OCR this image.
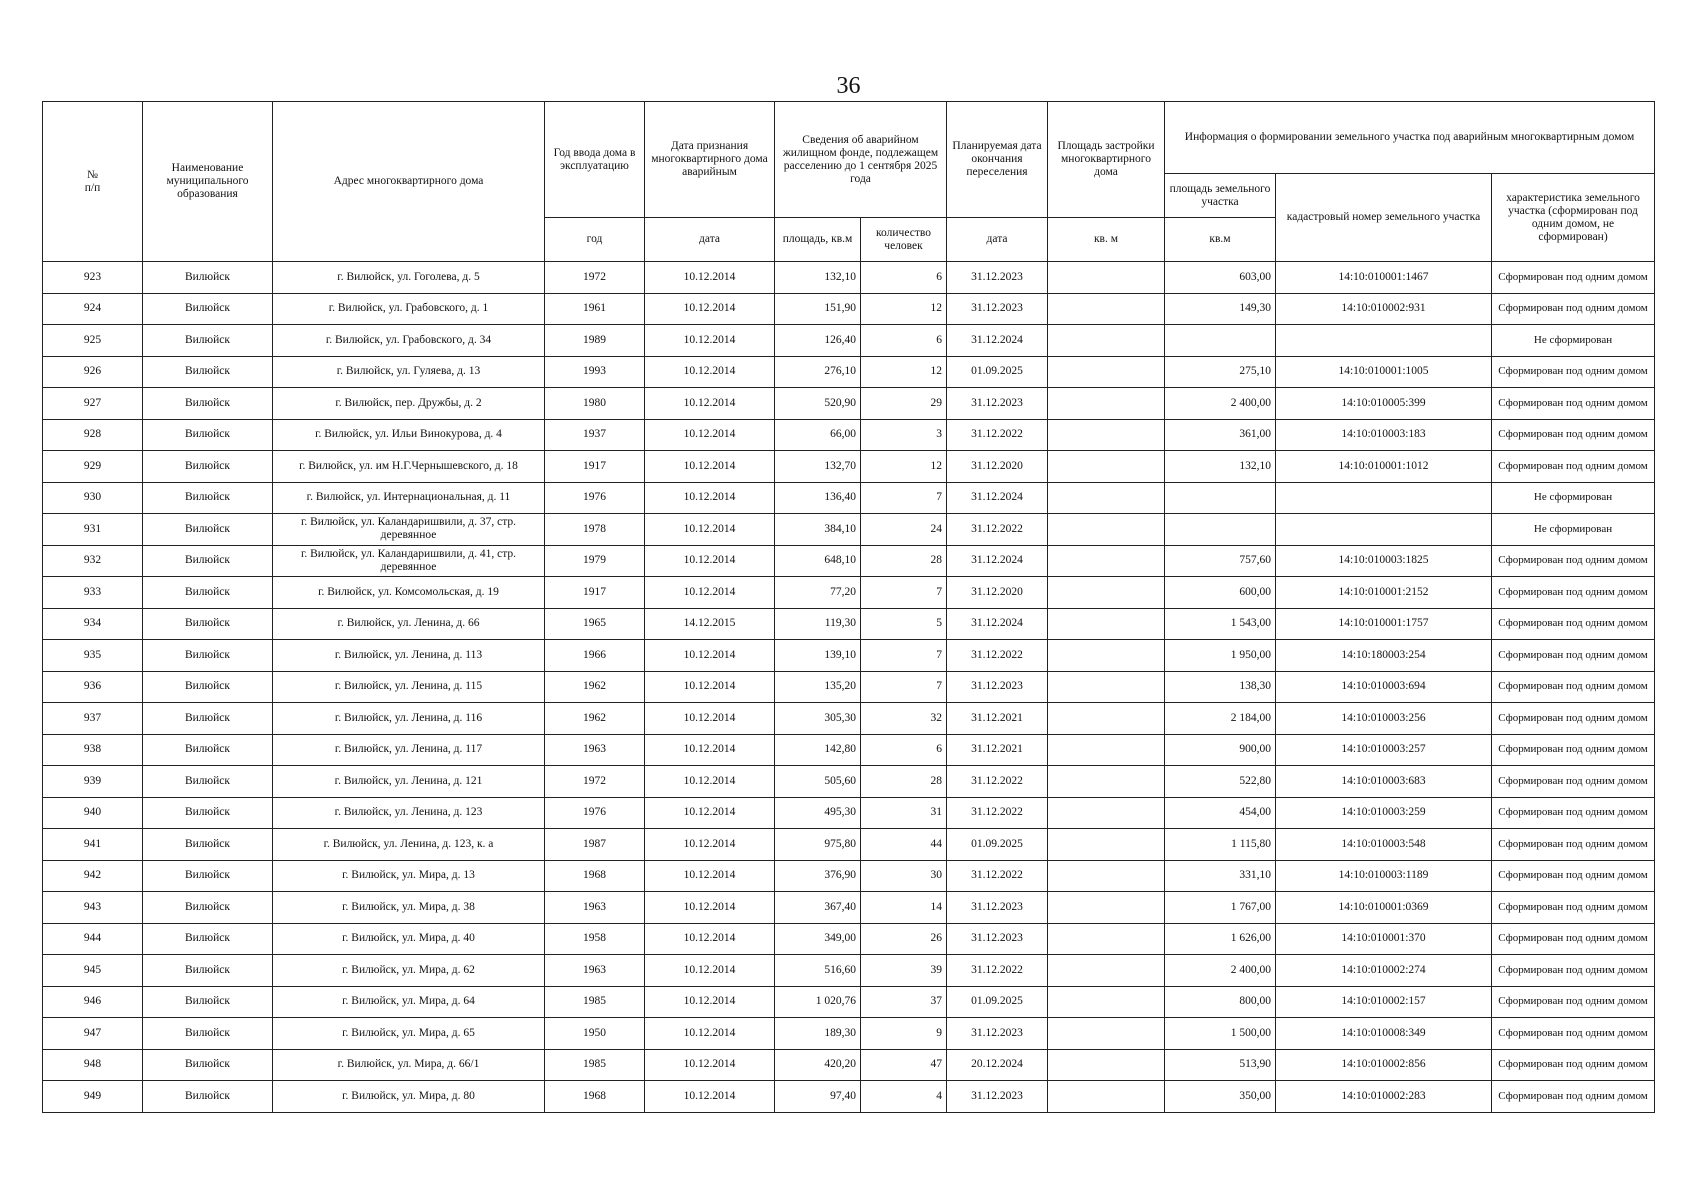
36
№
п/п	Наименование муниципального образования	Адрес многоквартирного дома	Год ввода дома в эксплуатацию	Дата признания многоквартирного дома аварийным	Сведения об аварийном жилищном фонде, подлежащем расселению до 1 сентября 2025 года		Планируемая дата окончания переселения	Площадь застройки многоквартирного дома	Информация о формировании земельного участка под аварийным многоквартирным домом		
									площадь земельного участка	кадастровый номер земельного участка	характеристика земельного участка (сформирован под одним домом, не сформирован)
			год	дата	площадь, кв.м	количество человек	дата	кв. м	кв.м		
923	Вилюйск	г. Вилюйск, ул. Гоголева, д. 5	1972	10.12.2014	132,10	6	31.12.2023		603,00	14:10:010001:1467	Сформирован под одним домом
924	Вилюйск	г. Вилюйск, ул. Грабовского, д. 1	1961	10.12.2014	151,90	12	31.12.2023		149,30	14:10:010002:931	Сформирован под одним домом
925	Вилюйск	г. Вилюйск, ул. Грабовского, д. 34	1989	10.12.2014	126,40	6	31.12.2024				Не сформирован
926	Вилюйск	г. Вилюйск, ул. Гуляева, д. 13	1993	10.12.2014	276,10	12	01.09.2025		275,10	14:10:010001:1005	Сформирован под одним домом
927	Вилюйск	г. Вилюйск, пер. Дружбы, д. 2	1980	10.12.2014	520,90	29	31.12.2023		2 400,00	14:10:010005:399	Сформирован под одним домом
928	Вилюйск	г. Вилюйск, ул. Ильи Винокурова, д. 4	1937	10.12.2014	66,00	3	31.12.2022		361,00	14:10:010003:183	Сформирован под одним домом
929	Вилюйск	г. Вилюйск, ул. им Н.Г.Чернышевского, д. 18	1917	10.12.2014	132,70	12	31.12.2020		132,10	14:10:010001:1012	Сформирован под одним домом
930	Вилюйск	г. Вилюйск, ул. Интернациональная, д. 11	1976	10.12.2014	136,40	7	31.12.2024				Не сформирован
931	Вилюйск	г. Вилюйск, ул. Каландаришвили, д. 37, стр. деревянное	1978	10.12.2014	384,10	24	31.12.2022				Не сформирован
932	Вилюйск	г. Вилюйск, ул. Каландаришвили, д. 41, стр. деревянное	1979	10.12.2014	648,10	28	31.12.2024		757,60	14:10:010003:1825	Сформирован под одним домом
933	Вилюйск	г. Вилюйск, ул. Комсомольская, д. 19	1917	10.12.2014	77,20	7	31.12.2020		600,00	14:10:010001:2152	Сформирован под одним домом
934	Вилюйск	г. Вилюйск, ул. Ленина, д. 66	1965	14.12.2015	119,30	5	31.12.2024		1 543,00	14:10:010001:1757	Сформирован под одним домом
935	Вилюйск	г. Вилюйск, ул. Ленина, д. 113	1966	10.12.2014	139,10	7	31.12.2022		1 950,00	14:10:180003:254	Сформирован под одним домом
936	Вилюйск	г. Вилюйск, ул. Ленина, д. 115	1962	10.12.2014	135,20	7	31.12.2023		138,30	14:10:010003:694	Сформирован под одним домом
937	Вилюйск	г. Вилюйск, ул. Ленина, д. 116	1962	10.12.2014	305,30	32	31.12.2021		2 184,00	14:10:010003:256	Сформирован под одним домом
938	Вилюйск	г. Вилюйск, ул. Ленина, д. 117	1963	10.12.2014	142,80	6	31.12.2021		900,00	14:10:010003:257	Сформирован под одним домом
939	Вилюйск	г. Вилюйск, ул. Ленина, д. 121	1972	10.12.2014	505,60	28	31.12.2022		522,80	14:10:010003:683	Сформирован под одним домом
940	Вилюйск	г. Вилюйск, ул. Ленина, д. 123	1976	10.12.2014	495,30	31	31.12.2022		454,00	14:10:010003:259	Сформирован под одним домом
941	Вилюйск	г. Вилюйск, ул. Ленина, д. 123, к. а	1987	10.12.2014	975,80	44	01.09.2025		1 115,80	14:10:010003:548	Сформирован под одним домом
942	Вилюйск	г. Вилюйск, ул. Мира, д. 13	1968	10.12.2014	376,90	30	31.12.2022		331,10	14:10:010003:1189	Сформирован под одним домом
943	Вилюйск	г. Вилюйск, ул. Мира, д. 38	1963	10.12.2014	367,40	14	31.12.2023		1 767,00	14:10:010001:0369	Сформирован под одним домом
944	Вилюйск	г. Вилюйск, ул. Мира, д. 40	1958	10.12.2014	349,00	26	31.12.2023		1 626,00	14:10:010001:370	Сформирован под одним домом
945	Вилюйск	г. Вилюйск, ул. Мира, д. 62	1963	10.12.2014	516,60	39	31.12.2022		2 400,00	14:10:010002:274	Сформирован под одним домом
946	Вилюйск	г. Вилюйск, ул. Мира, д. 64	1985	10.12.2014	1 020,76	37	01.09.2025		800,00	14:10:010002:157	Сформирован под одним домом
947	Вилюйск	г. Вилюйск, ул. Мира, д. 65	1950	10.12.2014	189,30	9	31.12.2023		1 500,00	14:10:010008:349	Сформирован под одним домом
948	Вилюйск	г. Вилюйск, ул. Мира, д. 66/1	1985	10.12.2014	420,20	47	20.12.2024		513,90	14:10:010002:856	Сформирован под одним домом
949	Вилюйск	г. Вилюйск, ул. Мира, д. 80	1968	10.12.2014	97,40	4	31.12.2023		350,00	14:10:010002:283	Сформирован под одним домом
